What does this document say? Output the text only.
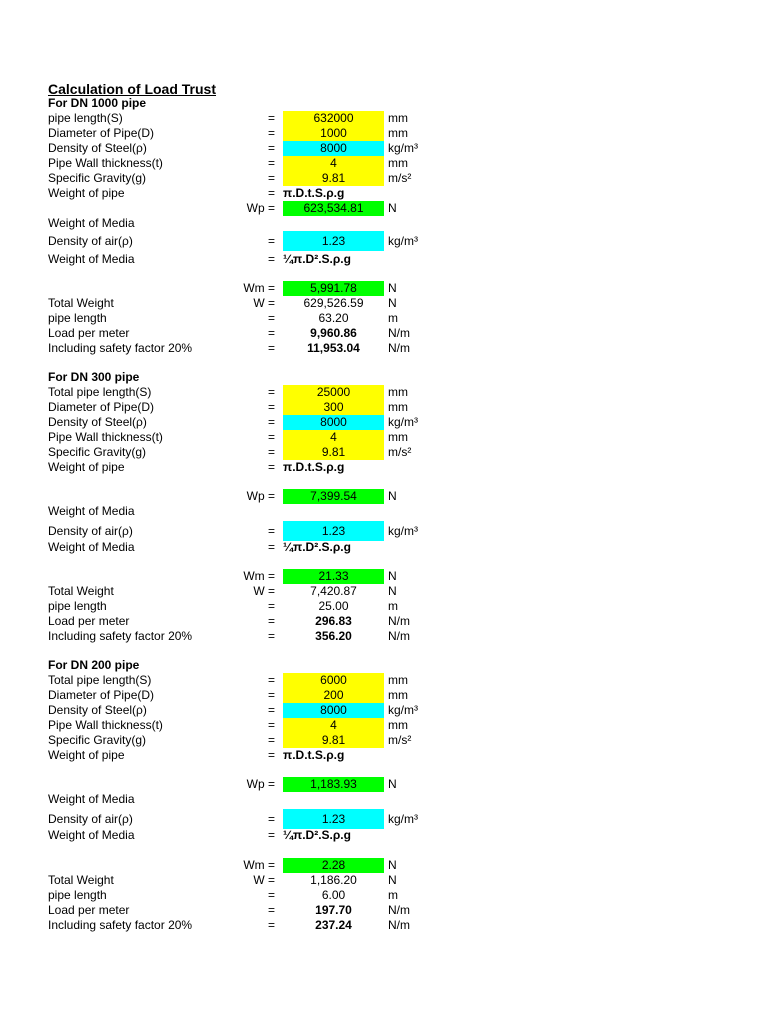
Calculation of Load Trust
For DN 1000 pipe
pipe length(S)	=	632000	mm
Diameter of Pipe(D)	=	1000	mm
Density of Steel(ρ)	=	8000	kg/m³
Pipe Wall thickness(t)	=	4	mm
Specific Gravity(g)	=	9.81	m/s²
Weight of pipe	= π.D.t.S.ρ.g
Wp =	623,534.81	N
Weight of Media
Density of air(ρ)	=	1.23	kg/m³
Weight of Media	= ¼π.D².S.ρ.g
Wm =	5,991.78	N
Total Weight	W =	629,526.59	N
pipe length	=	63.20	m
Load per meter	=	9,960.86	N/m
Including safety factor 20%	=	11,953.04	N/m
For DN 300 pipe
Total pipe length(S)	=	25000	mm
Diameter of Pipe(D)	=	300	mm
Density of Steel(ρ)	=	8000	kg/m³
Pipe Wall thickness(t)	=	4	mm
Specific Gravity(g)	=	9.81	m/s²
Weight of pipe	= π.D.t.S.ρ.g
Wp =	7,399.54	N
Weight of Media
Density of air(ρ)	=	1.23	kg/m³
Weight of Media	= ¼π.D².S.ρ.g
Wm =	21.33	N
Total Weight	W =	7,420.87	N
pipe length	=	25.00	m
Load per meter	=	296.83	N/m
Including safety factor 20%	=	356.20	N/m
For DN 200 pipe
Total pipe length(S)	=	6000	mm
Diameter of Pipe(D)	=	200	mm
Density of Steel(ρ)	=	8000	kg/m³
Pipe Wall thickness(t)	=	4	mm
Specific Gravity(g)	=	9.81	m/s²
Weight of pipe	= π.D.t.S.ρ.g
Wp =	1,183.93	N
Weight of Media
Density of air(ρ)	=	1.23	kg/m³
Weight of Media	= ¼π.D².S.ρ.g
Wm =	2.28	N
Total Weight	W =	1,186.20	N
pipe length	=	6.00	m
Load per meter	=	197.70	N/m
Including safety factor 20%	=	237.24	N/m
